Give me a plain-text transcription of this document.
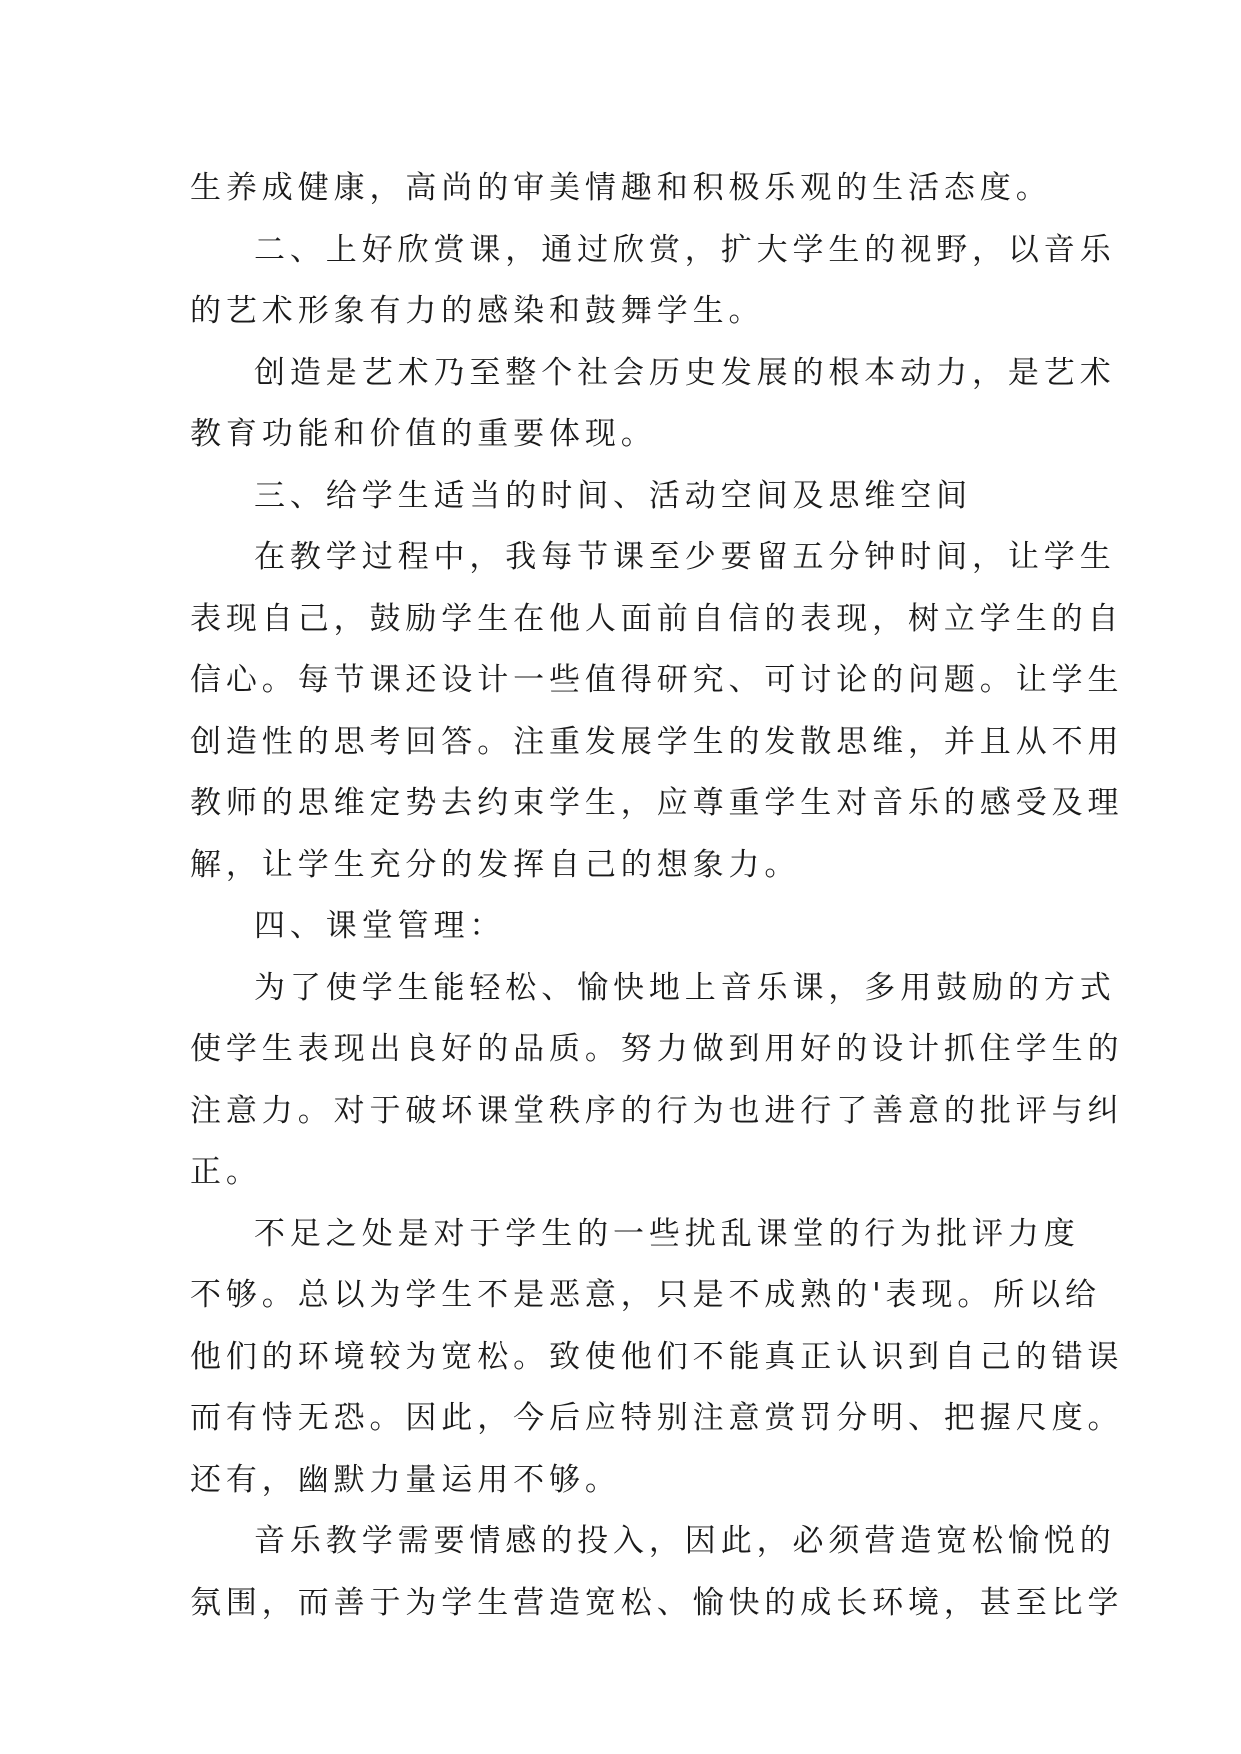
生养成健康，高尚的审美情趣和积极乐观的生活态度。
二、上好欣赏课，通过欣赏，扩大学生的视野，以音乐
的艺术形象有力的感染和鼓舞学生。
创造是艺术乃至整个社会历史发展的根本动力，是艺术
教育功能和价值的重要体现。
三、给学生适当的时间、活动空间及思维空间
在教学过程中，我每节课至少要留五分钟时间，让学生
表现自己，鼓励学生在他人面前自信的表现，树立学生的自
信心。每节课还设计一些值得研究、可讨论的问题。让学生
创造性的思考回答。注重发展学生的发散思维，并且从不用
教师的思维定势去约束学生，应尊重学生对音乐的感受及理
解，让学生充分的发挥自己的想象力。
四、课堂管理：
为了使学生能轻松、愉快地上音乐课，多用鼓励的方式
使学生表现出良好的品质。努力做到用好的设计抓住学生的
注意力。对于破坏课堂秩序的行为也进行了善意的批评与纠
正。
不足之处是对于学生的一些扰乱课堂的行为批评力度
不够。总以为学生不是恶意，只是不成熟的'表现。所以给
他们的环境较为宽松。致使他们不能真正认识到自己的错误
而有恃无恐。因此，今后应特别注意赏罚分明、把握尺度。
还有，幽默力量运用不够。
音乐教学需要情感的投入，因此，必须营造宽松愉悦的
氛围，而善于为学生营造宽松、愉快的成长环境，甚至比学
